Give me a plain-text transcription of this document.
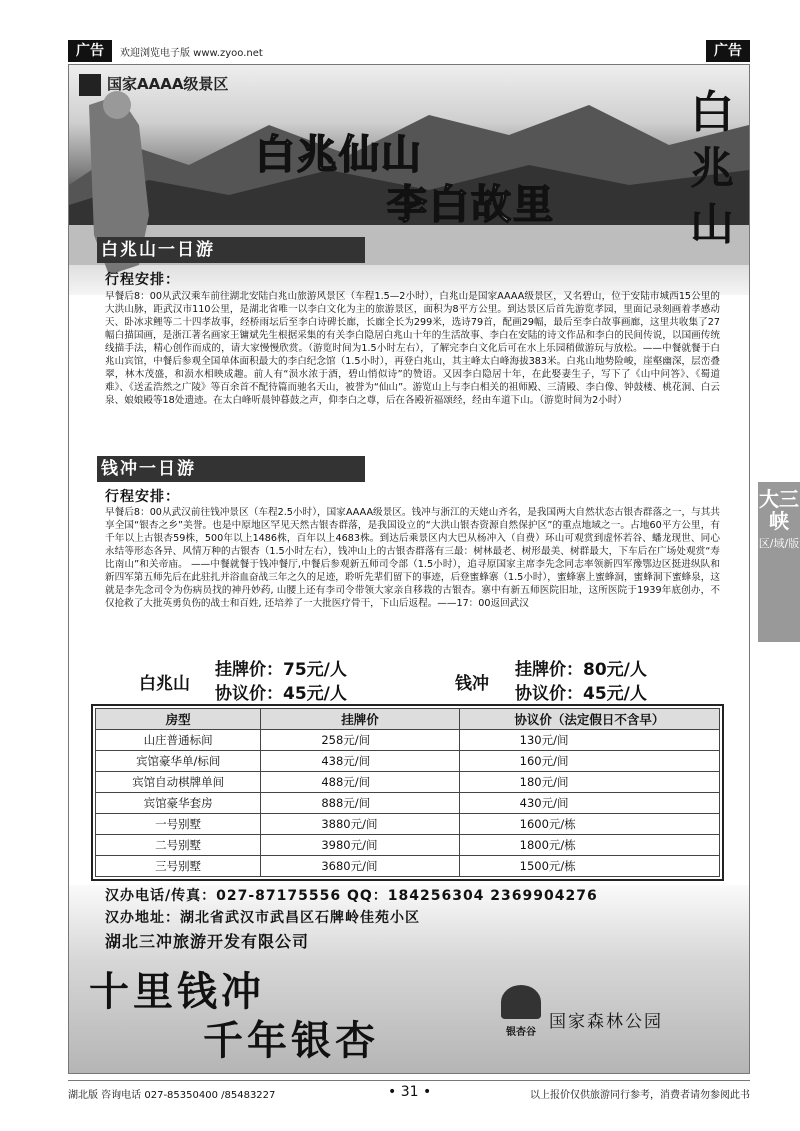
广告	欢迎浏览电子版 www.zyoo.net	广告
国家AAAA级景区
白兆仙山
李白故里
白兆山
白兆山一日游
行程安排：
早餐后8：00从武汉乘车前往湖北安陆白兆山旅游风景区（车程1.5—2小时），白兆山是国家AAAA级景区，又名碧山，位于安陆市城西15公里的大洪山脉，距武汉市110公里，是湖北省唯一以李白文化为主的旅游景区，面积为8平方公里。到达景区后首先游览孝园，里面记录刻画着孝感动天、卧冰求鲤等二十四孝故事，经桥雨坛后至李白诗碑长廊，长廊全长为299米，选诗79首，配画29幅，最后至李白故事画廊，这里共收集了27幅白描国画，是浙江著名画家王镛斌先生根据采集的有关李白隐居白兆山十年的生活故事、李白在安陆的诗文作品和李白的民间传说，以国画传统线描手法，精心创作而成的，请大家慢慢欣赏。（游览时间为1.5小时左右），了解完李白文化后可在水上乐园稍做游玩与放松。——中餐就餐于白兆山宾馆，中餐后参观全国单体面积最大的李白纪念馆（1.5小时），再登白兆山，其主峰太白峰海拔383米。白兆山地势险峻，崖壑幽深，层峦叠翠，林木茂盛，和涢水相映成趣。前人有“涢水浓于酒，碧山悄似诗”的赞语。又因李白隐居十年，在此娶妻生子，写下了《山中问答》、《蜀道难》、《送孟浩然之广陵》等百余首不配待篇而驰名天山，被誉为“仙山”。游览山上与李白相关的祖师殿、三清殿、李白像、钟鼓楼、桃花洞、白云泉、娘娘殿等18处遗迹。在太白峰听晨钟暮鼓之声，仰李白之尊，后在各殿祈福颂经，经由车道下山。（游览时间为2小时）
钱冲一日游
行程安排：
早餐后8：00从武汉前往钱冲景区（车程2.5小时），国家AAAA级景区。钱冲与浙江的天姥山齐名，是我国两大自然状态古银杏群落之一，与其共享全国“银杏之乡”美誉。也是中原地区罕见天然古银杏群落，是我国设立的“大洪山银杏资源自然保护区”的重点地域之一。占地60平方公里，有千年以上古银杏59株，500年以上1486株，百年以上4683株。到达后乘景区内大巴从杨冲入（自费）环山可观赏到虚怀若谷、蟠龙现世、同心永结等形态各异、风情万种的古银杏（1.5小时左右），钱冲山上的古银杏群落有三最：树林最老、树形最美、树群最大，下车后在广场处观赏“寿比南山”和关帝庙。 ——中餐就餐于钱冲餐厅,中餐后参观新五师司令部（1.5小时），追寻原国家主席李先念同志率领新四军豫鄂边区挺进纵队和新四军第五师先后在此驻扎并浴血奋战三年之久的足迹，聆听先辈们留下的事迹，后登蜜蜂寨（1.5小时），蜜蜂寨上蜜蜂洞，蜜蜂洞下蜜蜂泉，这就是李先念司令为伤病员找的神丹妙药, 山腰上还有李司令带领大家亲自移栽的古银杏。寨中有新五师医院旧址，这所医院于1939年底创办，不仅抢救了大批英勇负伤的战士和百姓, 还培养了一大批医疗骨干，下山后返程。——17：00返回武汉
白兆山
挂牌价：75元/人
协议价：45元/人	钱冲
挂牌价：80元/人
协议价：45元/人
房型	挂牌价	协议价（法定假日不含早）
山庄普通标间	258元/间	130元/间
宾馆豪华单/标间	438元/间	160元/间
宾馆自动棋牌单间	488元/间	180元/间
宾馆豪华套房	888元/间	430元/间
一号别墅	3880元/间	1600元/栋
二号别墅	3980元/间	1800元/栋
三号别墅	3680元/间	1500元/栋
汉办电话/传真：027-87175556 QQ：184256304 2369904276
汉办地址：湖北省武汉市武昌区石牌岭佳苑小区
湖北三冲旅游开发有限公司
十里钱冲
千年银杏	银杏谷
国家森林公园
大三峡
区/域/版
湖北版 咨询电话 027-85350400 /85483227	• 31 •	以上报价仅供旅游同行参考，消费者请勿参阅此书
